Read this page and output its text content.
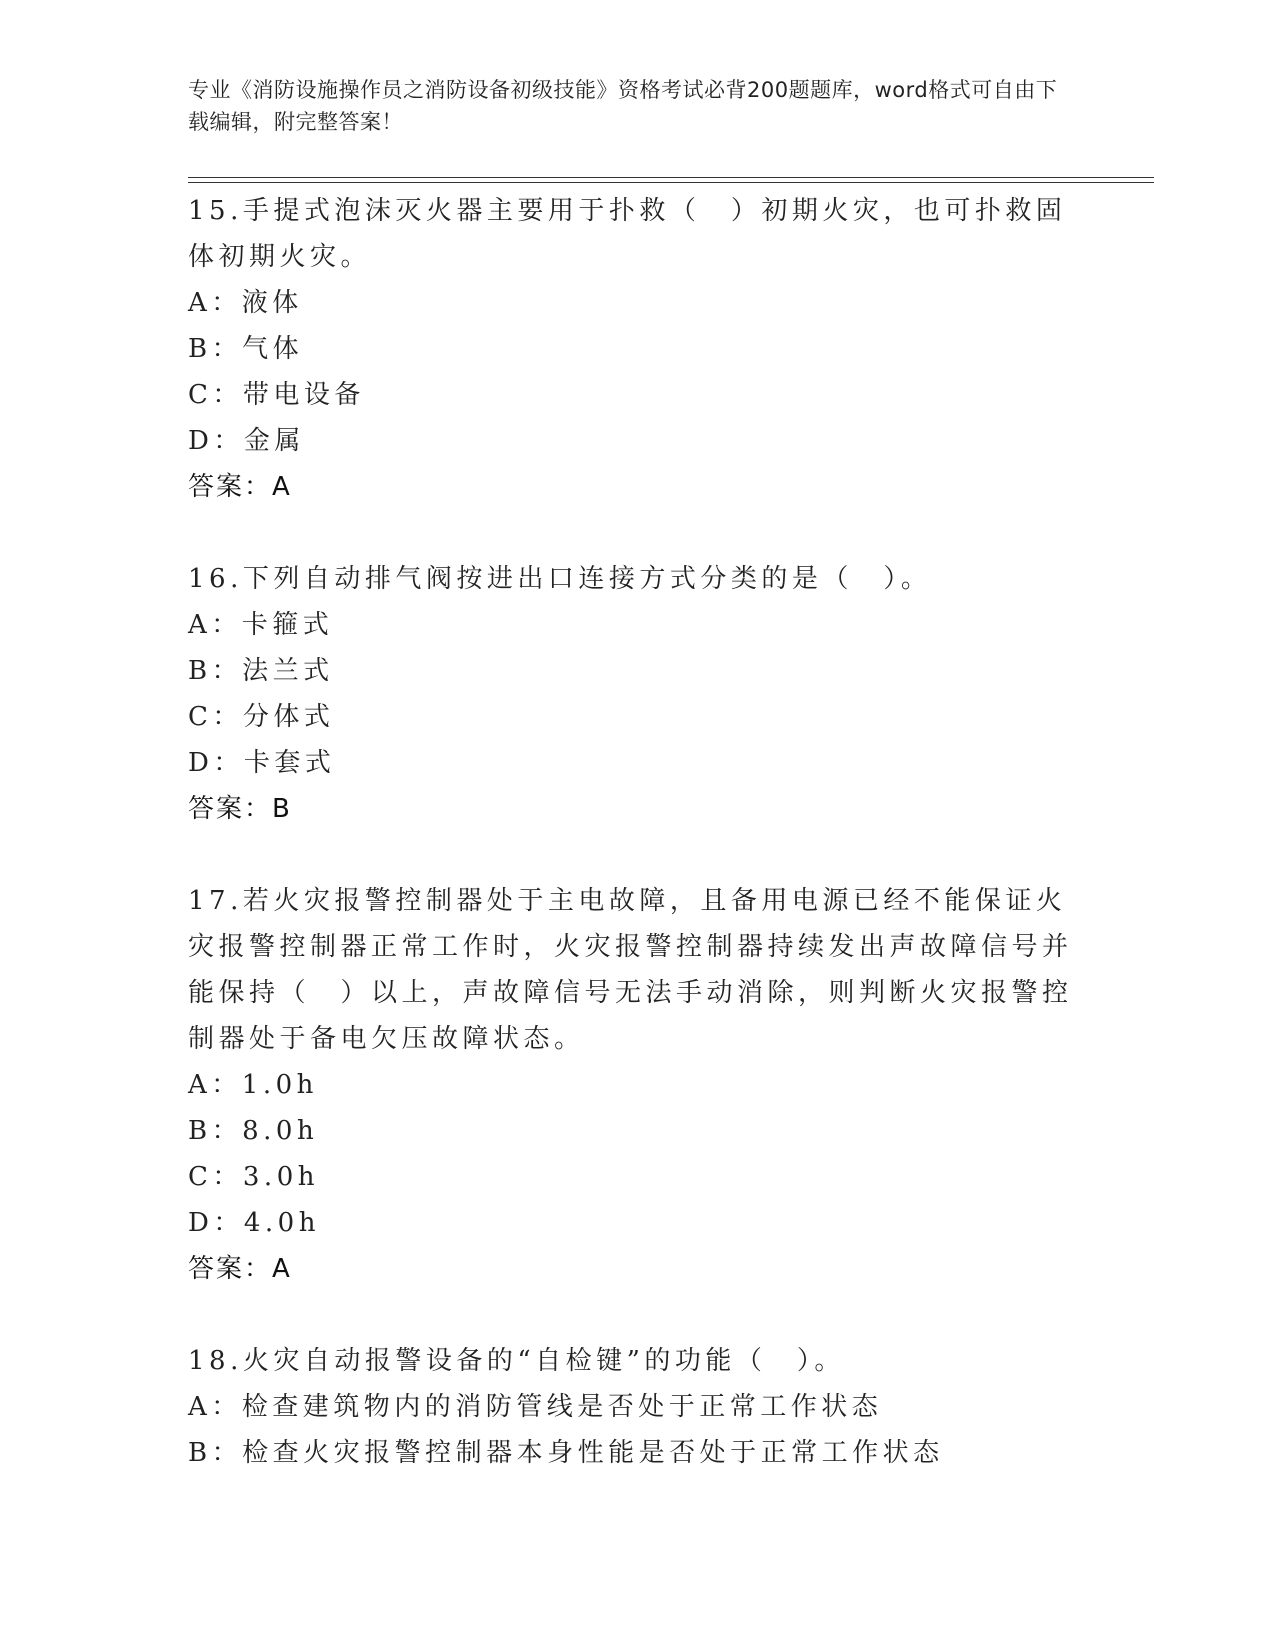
专业《消防设施操作员之消防设备初级技能》资格考试必背200题题库，word格式可自由下载编辑，附完整答案！

15.手提式泡沫灭火器主要用于扑救（　）初期火灾，也可扑救固体初期火灾。

A：液体

B：气体

C：带电设备

D：金属

答案：A

16.下列自动排气阀按进出口连接方式分类的是（　）。

A：卡箍式

B：法兰式

C：分体式

D：卡套式

答案：B

17.若火灾报警控制器处于主电故障，且备用电源已经不能保证火灾报警控制器正常工作时，火灾报警控制器持续发出声故障信号并能保持（　）以上，声故障信号无法手动消除，则判断火灾报警控制器处于备电欠压故障状态。

A：1.0h

B：8.0h

C：3.0h

D：4.0h

答案：A

18.火灾自动报警设备的“自检键”的功能（　）。

A：检查建筑物内的消防管线是否处于正常工作状态

B：检查火灾报警控制器本身性能是否处于正常工作状态
